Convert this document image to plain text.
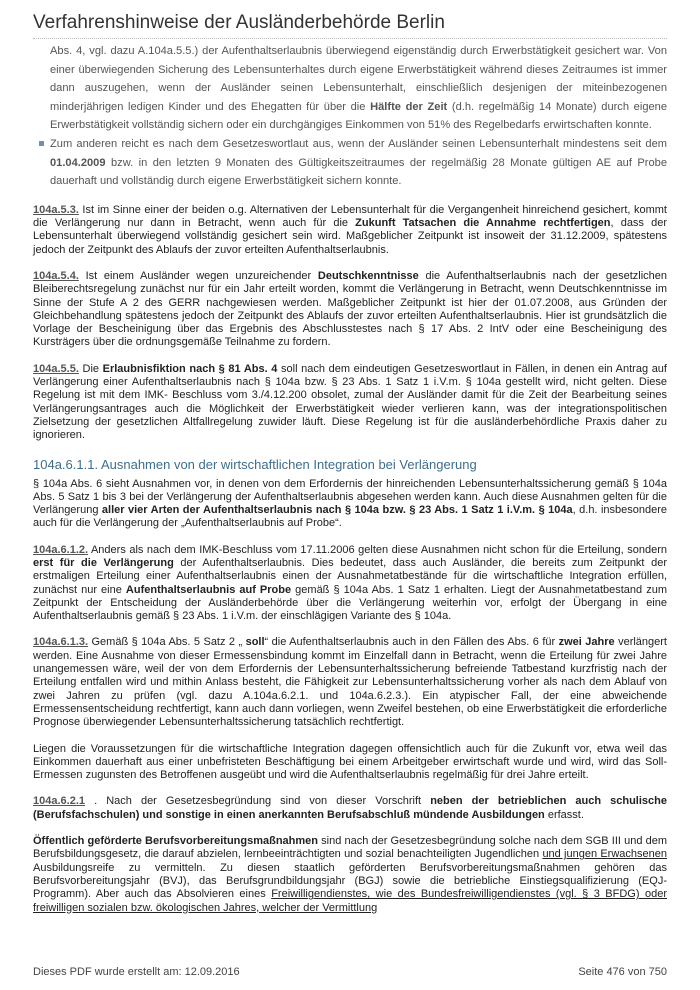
Verfahrenshinweise der Ausländerbehörde Berlin
Abs. 4, vgl. dazu A.104a.5.5.) der Aufenthaltserlaubnis überwiegend eigenständig durch Erwerbstätigkeit gesichert war. Von einer überwiegenden Sicherung des Lebensunterhaltes durch eigene Erwerbstätigkeit während dieses Zeitraumes ist immer dann auszugehen, wenn der Ausländer seinen Lebensunterhalt, einschließlich desjenigen der miteinbezogenen minderjährigen ledigen Kinder und des Ehegatten für über die Hälfte der Zeit (d.h. regelmäßig 14 Monate) durch eigene Erwerbstätigkeit vollständig sichern oder ein durchgängiges Einkommen von 51% des Regelbedarfs erwirtschaften konnte.
Zum anderen reicht es nach dem Gesetzeswortlaut aus, wenn der Ausländer seinen Lebensunterhalt mindestens seit dem 01.04.2009 bzw. in den letzten 9 Monaten des Gültigkeitszeitraumes der regelmäßig 28 Monate gültigen AE auf Probe dauerhaft und vollständig durch eigene Erwerbstätigkeit sichern konnte.

104a.5.3. Ist im Sinne einer der beiden o.g. Alternativen der Lebensunterhalt für die Vergangenheit hinreichend gesichert, kommt die Verlängerung nur dann in Betracht, wenn auch für die Zukunft Tatsachen die Annahme rechtfertigen, dass der Lebensunterhalt überwiegend vollständig gesichert sein wird. Maßgeblicher Zeitpunkt ist insoweit der 31.12.2009, spätestens jedoch der Zeitpunkt des Ablaufs der zuvor erteilten Aufenthaltserlaubnis.

104a.5.4. Ist einem Ausländer wegen unzureichender Deutschkenntnisse die Aufenthaltserlaubnis nach der gesetzlichen Bleiberechtsregelung zunächst nur für ein Jahr erteilt worden, kommt die Verlängerung in Betracht, wenn Deutschkenntnisse im Sinne der Stufe A 2 des GERR nachgewiesen werden. Maßgeblicher Zeitpunkt ist hier der 01.07.2008, aus Gründen der Gleichbehandlung spätestens jedoch der Zeitpunkt des Ablaufs der zuvor erteilten Aufenthaltserlaubnis. Hier ist grundsätzlich die Vorlage der Bescheinigung über das Ergebnis des Abschlusstestes nach § 17 Abs. 2 IntV oder eine Bescheinigung des Kursträgers über die ordnungsgemäße Teilnahme zu fordern.

104a.5.5. Die Erlaubnisfiktion nach § 81 Abs. 4 soll nach dem eindeutigen Gesetzeswortlaut in Fällen, in denen ein Antrag auf Verlängerung einer Aufenthaltserlaubnis nach § 104a bzw. § 23 Abs. 1 Satz 1 i.V.m. § 104a gestellt wird, nicht gelten. Diese Regelung ist mit dem IMK- Beschluss vom 3./4.12.200 obsolet, zumal der Ausländer damit für die Zeit der Bearbeitung seines Verlängerungsantrages auch die Möglichkeit der Erwerbstätigkeit wieder verlieren kann, was der integrationspolitischen Zielsetzung der gesetzlichen Altfallregelung zuwider läuft. Diese Regelung ist für die ausländerbehördliche Praxis daher zu ignorieren.

104a.6.1.1. Ausnahmen von der wirtschaftlichen Integration bei Verlängerung

§ 104a Abs. 6 sieht Ausnahmen vor, in denen von dem Erfordernis der hinreichenden Lebensunterhaltssicherung gemäß § 104a Abs. 5 Satz 1 bis 3 bei der Verlängerung der Aufenthaltserlaubnis abgesehen werden kann. Auch diese Ausnahmen gelten für die Verlängerung aller vier Arten der Aufenthaltserlaubnis nach § 104a bzw. § 23 Abs. 1 Satz 1 i.V.m. § 104a, d.h. insbesondere auch für die Verlängerung der „Aufenthaltserlaubnis auf Probe“.

104a.6.1.2. Anders als nach dem IMK-Beschluss vom 17.11.2006 gelten diese Ausnahmen nicht schon für die Erteilung, sondern erst für die Verlängerung der Aufenthaltserlaubnis. Dies bedeutet, dass auch Ausländer, die bereits zum Zeitpunkt der erstmaligen Erteilung einer Aufenthaltserlaubnis einen der Ausnahmetatbestände für die wirtschaftliche Integration erfüllen, zunächst nur eine Aufenthaltserlaubnis auf Probe gemäß § 104a Abs. 1 Satz 1 erhalten. Liegt der Ausnahmetatbestand zum Zeitpunkt der Entscheidung der Ausländerbehörde über die Verlängerung weiterhin vor, erfolgt der Übergang in eine Aufenthaltserlaubnis gemäß § 23 Abs. 1 i.V.m. der einschlägigen Variante des § 104a.

104a.6.1.3. Gemäß § 104a Abs. 5 Satz 2 „ soll“ die Aufenthaltserlaubnis auch in den Fällen des Abs. 6 für zwei Jahre verlängert werden. Eine Ausnahme von dieser Ermessensbindung kommt im Einzelfall dann in Betracht, wenn die Erteilung für zwei Jahre unangemessen wäre, weil der von dem Erfordernis der Lebensunterhaltssicherung befreiende Tatbestand kurzfristig nach der Erteilung entfallen wird und mithin Anlass besteht, die Fähigkeit zur Lebensunterhaltssicherung vorher als nach dem Ablauf von zwei Jahren zu prüfen (vgl. dazu A.104a.6.2.1. und 104a.6.2.3.). Ein atypischer Fall, der eine abweichende Ermessensentscheidung rechtfertigt, kann auch dann vorliegen, wenn Zweifel bestehen, ob eine Erwerbstätigkeit die erforderliche Prognose überwiegender Lebensunterhaltssicherung tatsächlich rechtfertigt.

Liegen die Voraussetzungen für die wirtschaftliche Integration dagegen offensichtlich auch für die Zukunft vor, etwa weil das Einkommen dauerhaft aus einer unbefristeten Beschäftigung bei einem Arbeitgeber erwirtschaft wurde und wird, wird das Soll- Ermessen zugunsten des Betroffenen ausgeübt und wird die Aufenthaltserlaubnis regelmäßig für drei Jahre erteilt.

104a.6.2.1 . Nach der Gesetzesbegründung sind von dieser Vorschrift neben der betrieblichen auch schulische (Berufsfachschulen) und sonstige in einen anerkannten Berufsabschluß mündende Ausbildungen erfasst.

Öffentlich geförderte Berufsvorbereitungsmaßnahmen sind nach der Gesetzesbegründung solche nach dem SGB III und dem Berufsbildungsgesetz, die darauf abzielen, lernbeeinträchtigten und sozial benachteiligten Jugendlichen und jungen Erwachsenen Ausbildungsreife zu vermitteln. Zu diesen staatlich geförderten Berufsvorbereitungsmaßnahmen gehören das Berufsvorbereitungsjahr (BVJ), das Berufsgrundbildungsjahr (BGJ) sowie die betriebliche Einstiegsqualifizierung (EQJ-Programm). Aber auch das Absolvieren eines Freiwilligendienstes, wie des Bundesfreiwilligendienstes (vgl. § 3 BFDG) oder freiwilligen sozialen bzw. ökologischen Jahres, welcher der Vermittlung

Dieses PDF wurde erstellt am: 12.09.2016	Seite 476 von 750
